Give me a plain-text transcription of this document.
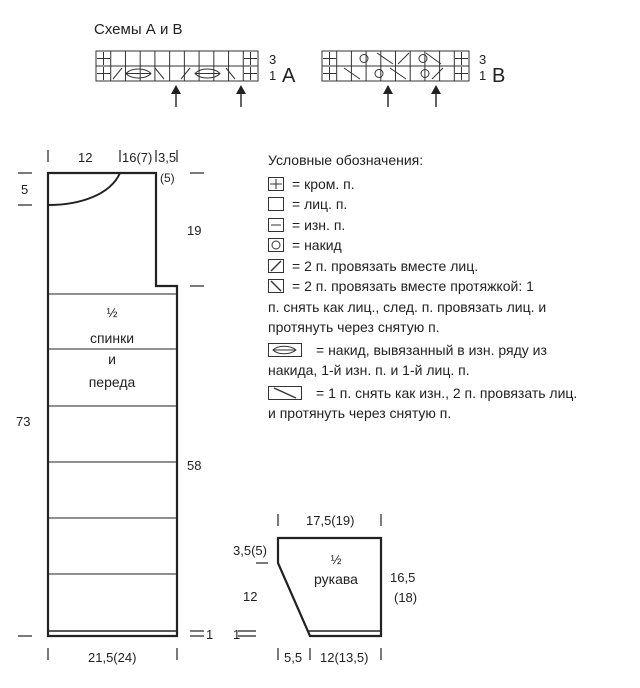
Схемы А и В
3
1 A
3
1 B
12 16(7) 3,5
(5)
5
19
73
58
1
21,5(24)
½
спинки
и
переда
17,5(19)
3,5(5)
12
16,5
(18)
1
5,5 12(13,5)
½
рукава
Условные обозначения:
= кром. п.
= лиц. п.
= изн. п.
= накид
= 2 п. провязать вместе лиц.
= 2 п. провязать вместе протяжкой: 1
п. снять как лиц., след. п. провязать лиц. и
протянуть через снятую п.
= накид, вывязанный в изн. ряду из
накида, 1-й изн. п. и 1-й лиц. п.
= 1 п. снять как изн., 2 п. провязать лиц.
и протянуть через снятую п.
